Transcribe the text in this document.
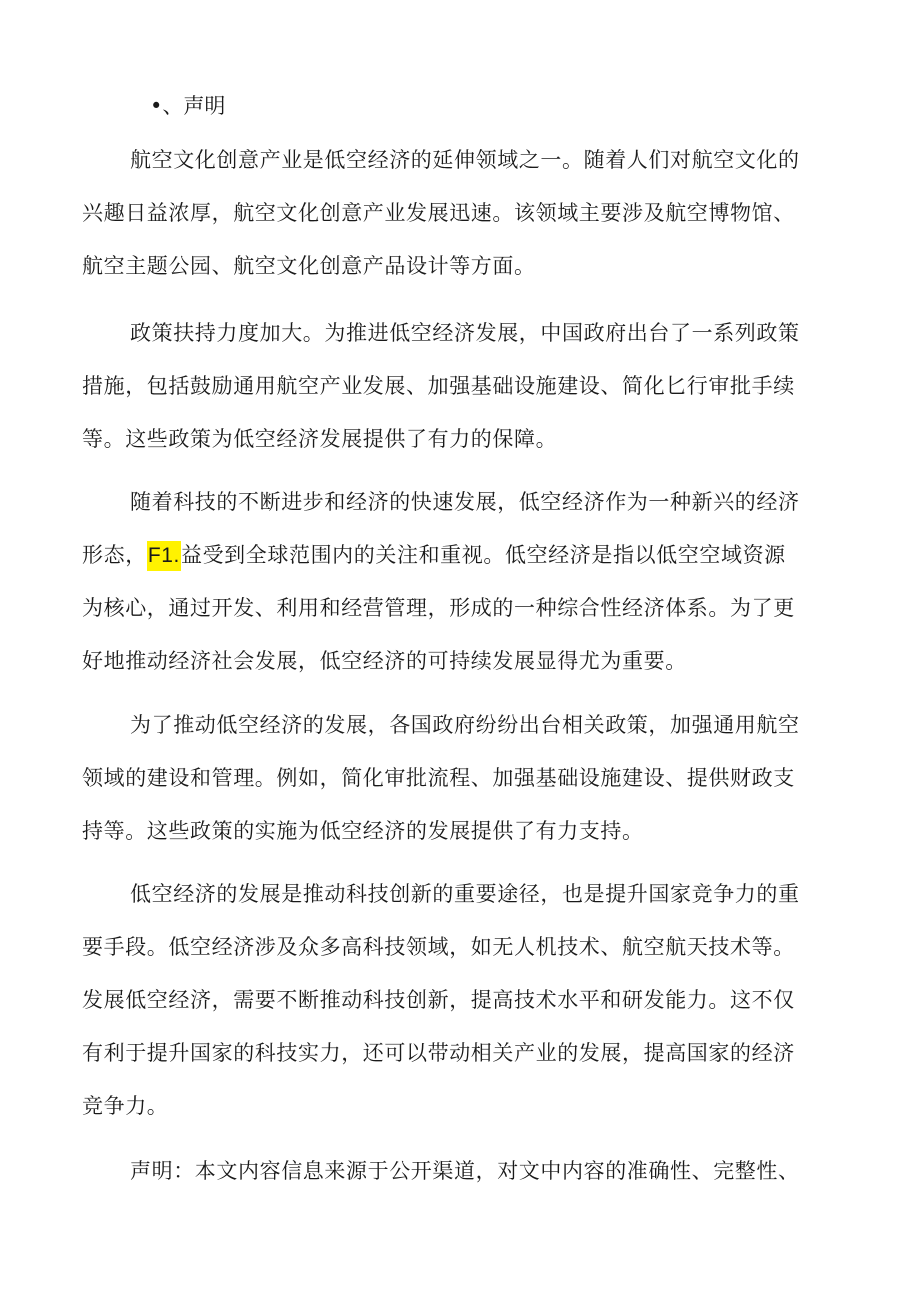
•、声明
航空文化创意产业是低空经济的延伸领域之一。随着人们对航空文化的
兴趣日益浓厚，航空文化创意产业发展迅速。该领域主要涉及航空博物馆、
航空主题公园、航空文化创意产品设计等方面。
政策扶持力度加大。为推进低空经济发展，中国政府出台了一系列政策
措施，包括鼓励通用航空产业发展、加强基础设施建设、简化匕行审批手续
等。这些政策为低空经济发展提供了有力的保障。
随着科技的不断进步和经济的快速发展，低空经济作为一种新兴的经济
形态，F1.益受到全球范围内的关注和重视。低空经济是指以低空空域资源
为核心，通过开发、利用和经营管理，形成的一种综合性经济体系。为了更
好地推动经济社会发展，低空经济的可持续发展显得尤为重要。
为了推动低空经济的发展，各国政府纷纷出台相关政策，加强通用航空
领域的建设和管理。例如，简化审批流程、加强基础设施建设、提供财政支
持等。这些政策的实施为低空经济的发展提供了有力支持。
低空经济的发展是推动科技创新的重要途径，也是提升国家竞争力的重
要手段。低空经济涉及众多高科技领域，如无人机技术、航空航天技术等。
发展低空经济，需要不断推动科技创新，提高技术水平和研发能力。这不仅
有利于提升国家的科技实力，还可以带动相关产业的发展，提高国家的经济
竞争力。
声明：本文内容信息来源于公开渠道，对文中内容的准确性、完整性、
